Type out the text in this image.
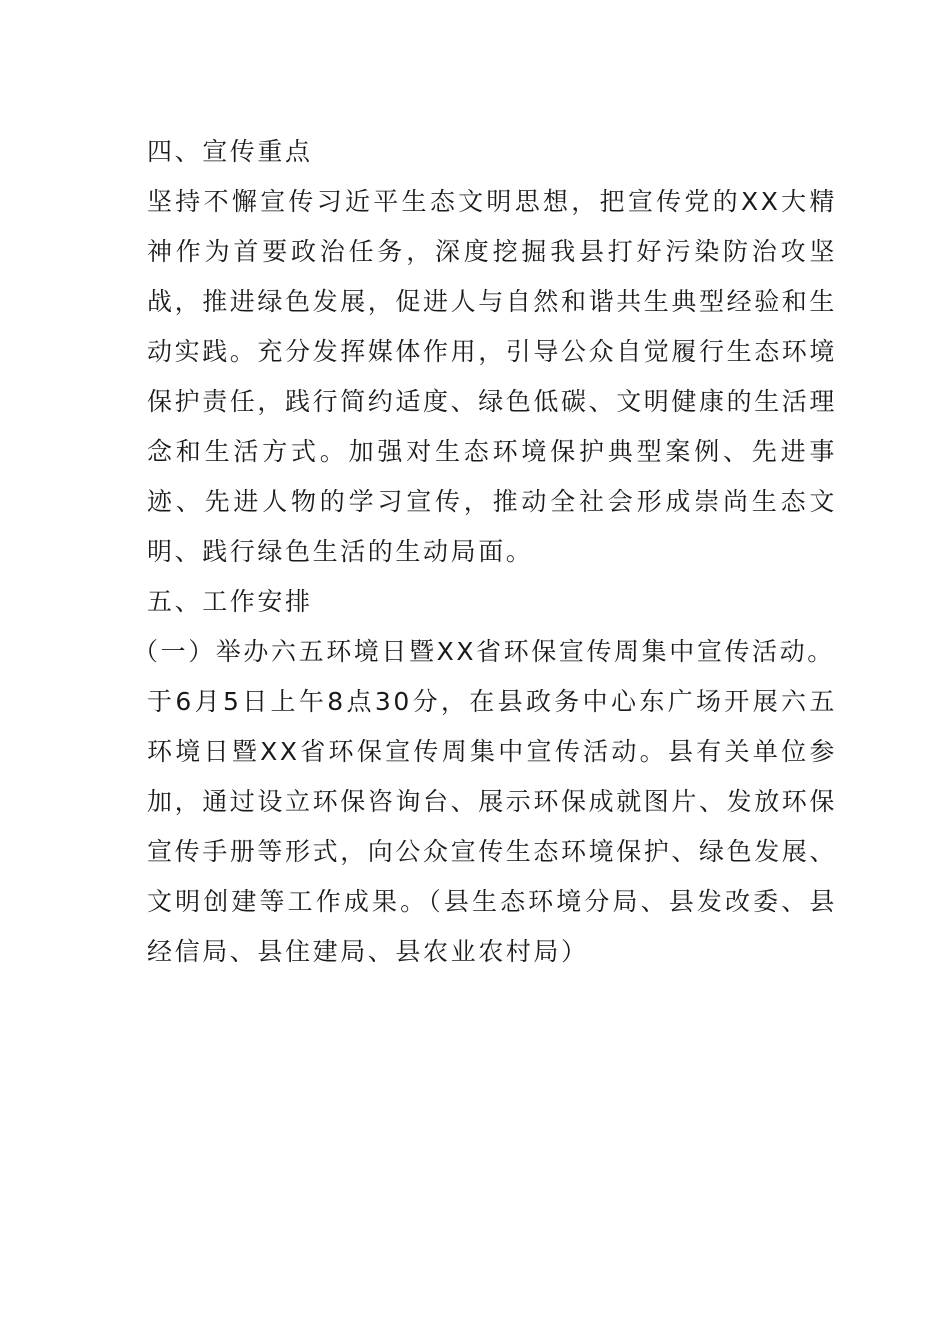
四、宣传重点

坚持不懈宣传习近平生态文明思想，把宣传党的XX大精神作为首要政治任务，深度挖掘我县打好污染防治攻坚战，推进绿色发展，促进人与自然和谐共生典型经验和生动实践。充分发挥媒体作用，引导公众自觉履行生态环境保护责任，践行简约适度、绿色低碳、文明健康的生活理念和生活方式。加强对生态环境保护典型案例、先进事迹、先进人物的学习宣传，推动全社会形成崇尚生态文明、践行绿色生活的生动局面。

五、工作安排

（一）举办六五环境日暨XX省环保宣传周集中宣传活动。

于6月5日上午8点30分，在县政务中心东广场开展六五环境日暨XX省环保宣传周集中宣传活动。县有关单位参加，通过设立环保咨询台、展示环保成就图片、发放环保宣传手册等形式，向公众宣传生态环境保护、绿色发展、文明创建等工作成果。（县生态环境分局、县发改委、县经信局、县住建局、县农业农村局）
